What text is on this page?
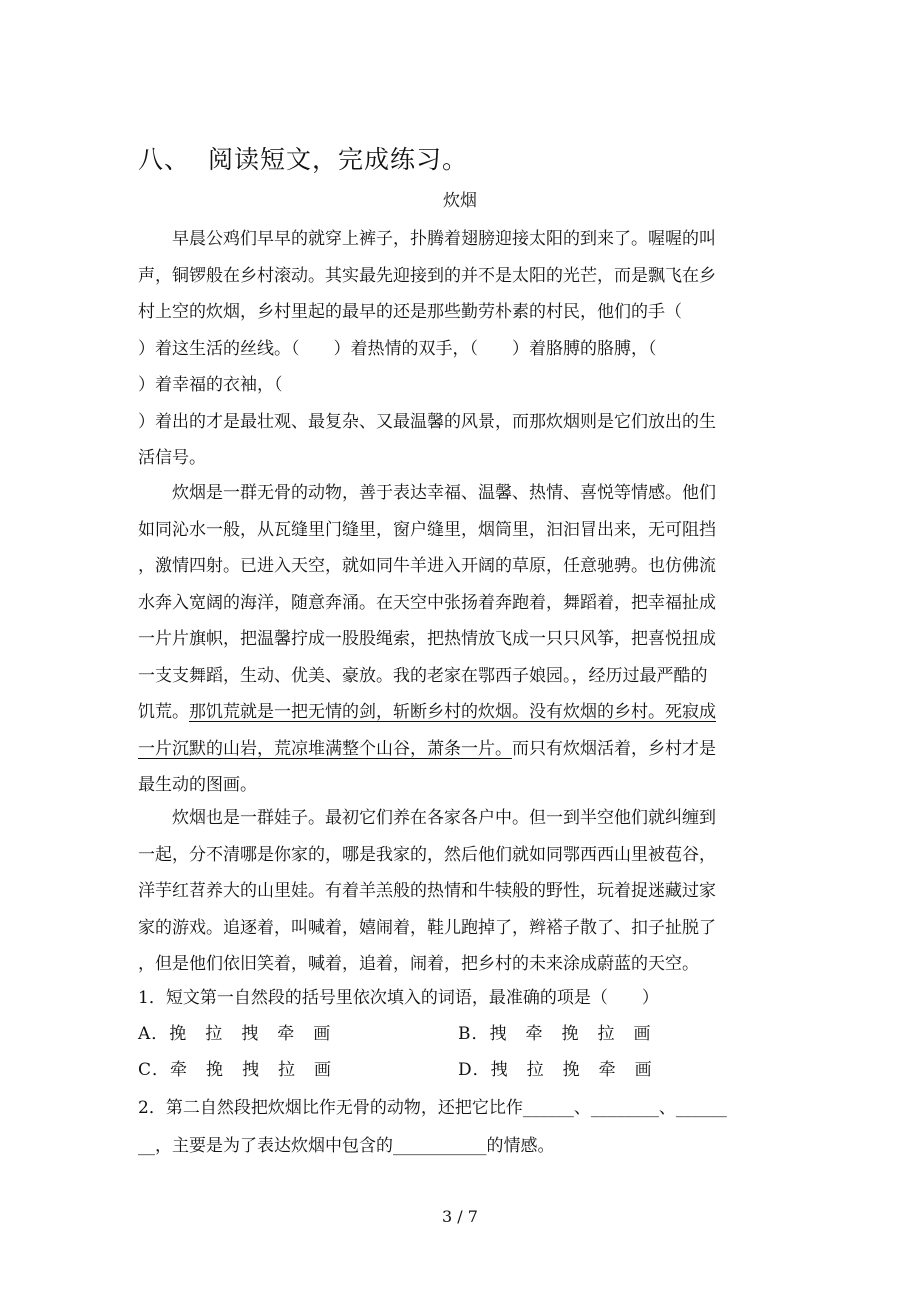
八、 阅读短文，完成练习。
炊烟

早晨公鸡们早早的就穿上裤子，扑腾着翅膀迎接太阳的到来了。喔喔的叫
声，铜锣般在乡村滚动。其实最先迎接到的并不是太阳的光芒，而是飘飞在乡
村上空的炊烟，乡村里起的最早的还是那些勤劳朴素的村民，他们的手（
）着这生活的丝线。（　　）着热情的双手，（　　）着胳膊的胳膊，（
）着幸福的衣袖，（
）着出的才是最壮观、最复杂、又最温馨的风景，而那炊烟则是它们放出的生
活信号。

炊烟是一群无骨的动物，善于表达幸福、温馨、热情、喜悦等情感。他们
如同沁水一般，从瓦缝里门缝里，窗户缝里，烟筒里，汩汩冒出来，无可阻挡
，激情四射。已进入天空，就如同牛羊进入开阔的草原，任意驰骋。也仿佛流
水奔入宽阔的海洋，随意奔涌。在天空中张扬着奔跑着，舞蹈着，把幸福扯成
一片片旗帜，把温馨拧成一股股绳索，把热情放飞成一只只风筝，把喜悦扭成
一支支舞蹈，生动、优美、豪放。我的老家在鄂西子娘园。，经历过最严酷的
饥荒。那饥荒就是一把无情的剑，斩断乡村的炊烟。没有炊烟的乡村。死寂成
一片沉默的山岩，荒凉堆满整个山谷，萧条一片。而只有炊烟活着，乡村才是
最生动的图画。

炊烟也是一群娃子。最初它们养在各家各户中。但一到半空他们就纠缠到
一起，分不清哪是你家的，哪是我家的，然后他们就如同鄂西西山里被苞谷，
洋芋红苕养大的山里娃。有着羊羔般的热情和牛犊般的野性，玩着捉迷藏过家
家的游戏。追逐着，叫喊着，嬉闹着，鞋儿跑掉了，辫褡子散了、扣子扯脱了
，但是他们依旧笑着，喊着，追着，闹着，把乡村的未来涂成蔚蓝的天空。

1．短文第一自然段的括号里依次填入的词语，最准确的项是（　　）
A．挽　拉　拽　牵　画	B．拽　牵　挽　拉　画
C．牵　挽　拽　拉　画	D．拽　拉　挽　牵　画
2．第二自然段把炊烟比作无骨的动物，还把它比作______、________、______
__，主要是为了表达炊烟中包含的___________的情感。
3 / 7
